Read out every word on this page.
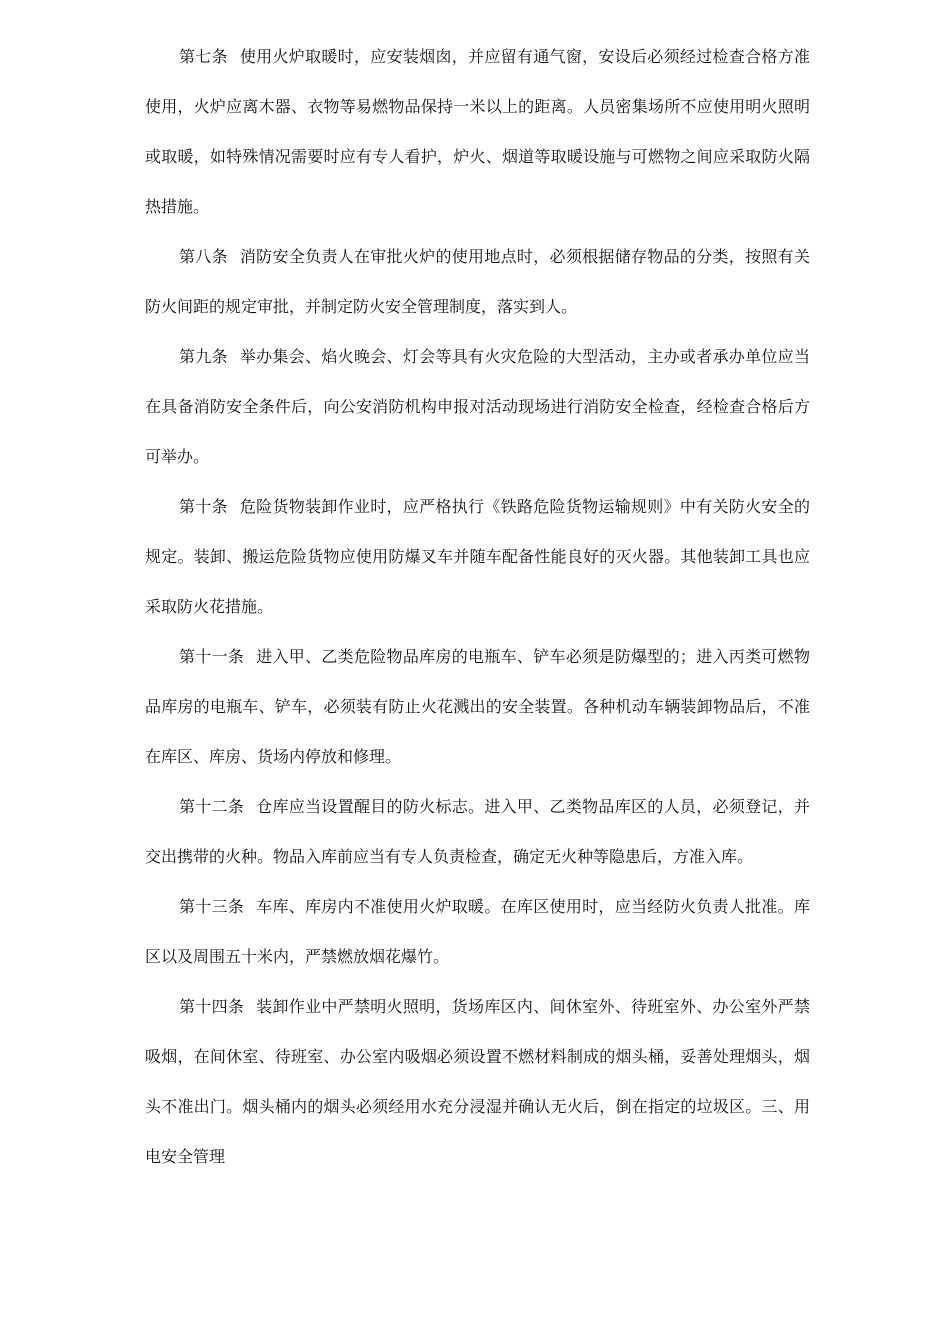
第七条 使用火炉取暖时，应安装烟囱，并应留有通气窗，安设后必须经过检查合格方准使用，火炉应离木器、衣物等易燃物品保持一米以上的距离。人员密集场所不应使用明火照明或取暖，如特殊情况需要时应有专人看护，炉火、烟道等取暖设施与可燃物之间应采取防火隔热措施。

第八条 消防安全负责人在审批火炉的使用地点时，必须根据储存物品的分类，按照有关防火间距的规定审批，并制定防火安全管理制度，落实到人。

第九条 举办集会、焰火晚会、灯会等具有火灾危险的大型活动，主办或者承办单位应当在具备消防安全条件后，向公安消防机构申报对活动现场进行消防安全检查，经检查合格后方可举办。

第十条 危险货物装卸作业时，应严格执行《铁路危险货物运输规则》中有关防火安全的规定。装卸、搬运危险货物应使用防爆叉车并随车配备性能良好的灭火器。其他装卸工具也应采取防火花措施。

第十一条 进入甲、乙类危险物品库房的电瓶车、铲车必须是防爆型的；进入丙类可燃物品库房的电瓶车、铲车，必须装有防止火花溅出的安全装置。各种机动车辆装卸物品后，不准在库区、库房、货场内停放和修理。

第十二条 仓库应当设置醒目的防火标志。进入甲、乙类物品库区的人员，必须登记，并交出携带的火种。物品入库前应当有专人负责检查，确定无火种等隐患后，方准入库。

第十三条 车库、库房内不准使用火炉取暖。在库区使用时，应当经防火负责人批准。库区以及周围五十米内，严禁燃放烟花爆竹。

第十四条 装卸作业中严禁明火照明，货场库区内、间休室外、待班室外、办公室外严禁吸烟，在间休室、待班室、办公室内吸烟必须设置不燃材料制成的烟头桶，妥善处理烟头，烟头不准出门。烟头桶内的烟头必须经用水充分浸湿并确认无火后，倒在指定的垃圾区。三、用电安全管理
